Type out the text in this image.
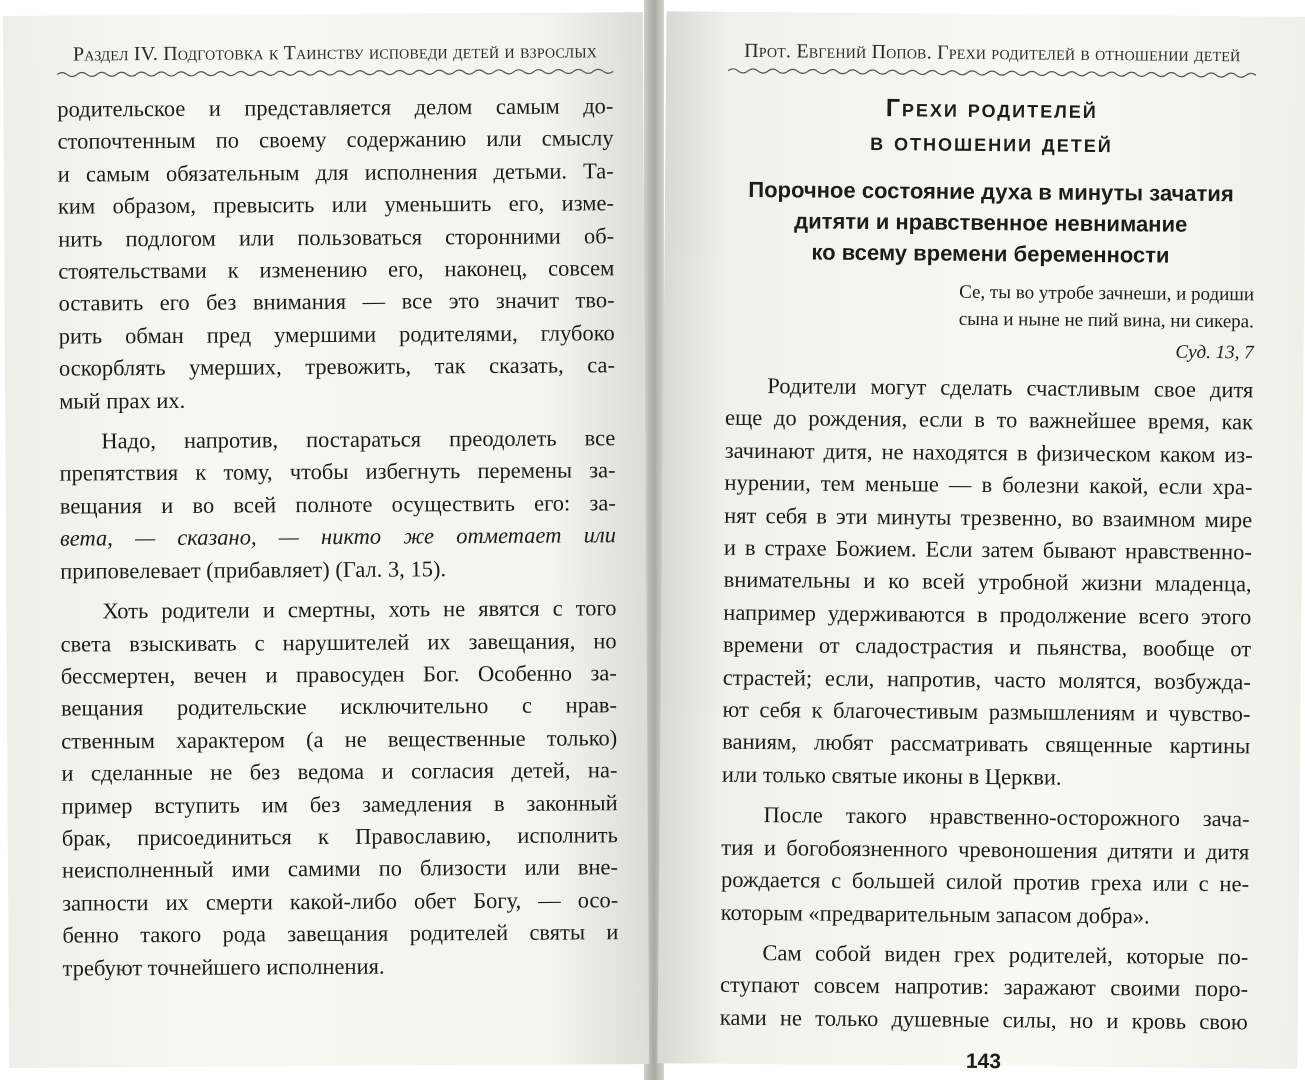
Раздел IV. Подготовка к Таинству исповеди детей и взрослых

родительское и представляется делом самым до-
стопочтенным по своему содержанию или смыслу
и самым обязательным для исполнения детьми. Та-
ким образом, превысить или уменьшить его, изме-
нить подлогом или пользоваться сторонними об-
стоятельствами к изменению его, наконец, совсем
оставить его без внимания — все это значит тво-
рить обман пред умершими родителями, глубоко
оскорблять умерших, тревожить, так сказать, са-
мый прах их.

Надо, напротив, постараться преодолеть все
препятствия к тому, чтобы избегнуть перемены за-
вещания и во всей полноте осуществить его: за-
вета, — сказано, — никто же отметает или
приповелевает (прибавляет) (Гал. 3, 15).

Хоть родители и смертны, хоть не явятся с того
света взыскивать с нарушителей их завещания, но
бессмертен, вечен и правосуден Бог. Особенно за-
вещания родительские исключительно с нрав-
ственным характером (а не вещественные только)
и сделанные не без ведома и согласия детей, на-
пример вступить им без замедления в законный
брак, присоединиться к Православию, исполнить
неисполненный ими самими по близости или вне-
запности их смерти какой-либо обет Богу, — осо-
бенно такого рода завещания родителей святы и
требуют точнейшего исполнения.

Прот. Евгений Попов. Грехи родителей в отношении детей
Грехи родителей
в отношении детей
Порочное состояние духа в минуты зачатия
дитяти и нравственное невнимание
ко всему времени беременности
Се, ты во утробе зачнеши, и родиши
сына и ныне не пий вина, ни сикера.
Суд. 13, 7

Родители могут сделать счастливым свое дитя
еще до рождения, если в то важнейшее время, как
зачинают дитя, не находятся в физическом каком из-
нурении, тем меньше — в болезни какой, если хра-
нят себя в эти минуты трезвенно, во взаимном мире
и в страхе Божием. Если затем бывают нравственно-
внимательны и ко всей утробной жизни младенца,
например удерживаются в продолжение всего этого
времени от сладострастия и пьянства, вообще от
страстей; если, напротив, часто молятся, возбужда-
ют себя к благочестивым размышлениям и чувство-
ваниям, любят рассматривать священные картины
или только святые иконы в Церкви.

После такого нравственно-осторожного зача-
тия и богобоязненного чревоношения дитяти и дитя
рождается с большей силой против греха или с не-
которым «предварительным запасом добра».

Сам собой виден грех родителей, которые по-
ступают совсем напротив: заражают своими поро-
ками не только душевные силы, но и кровь свою

143
